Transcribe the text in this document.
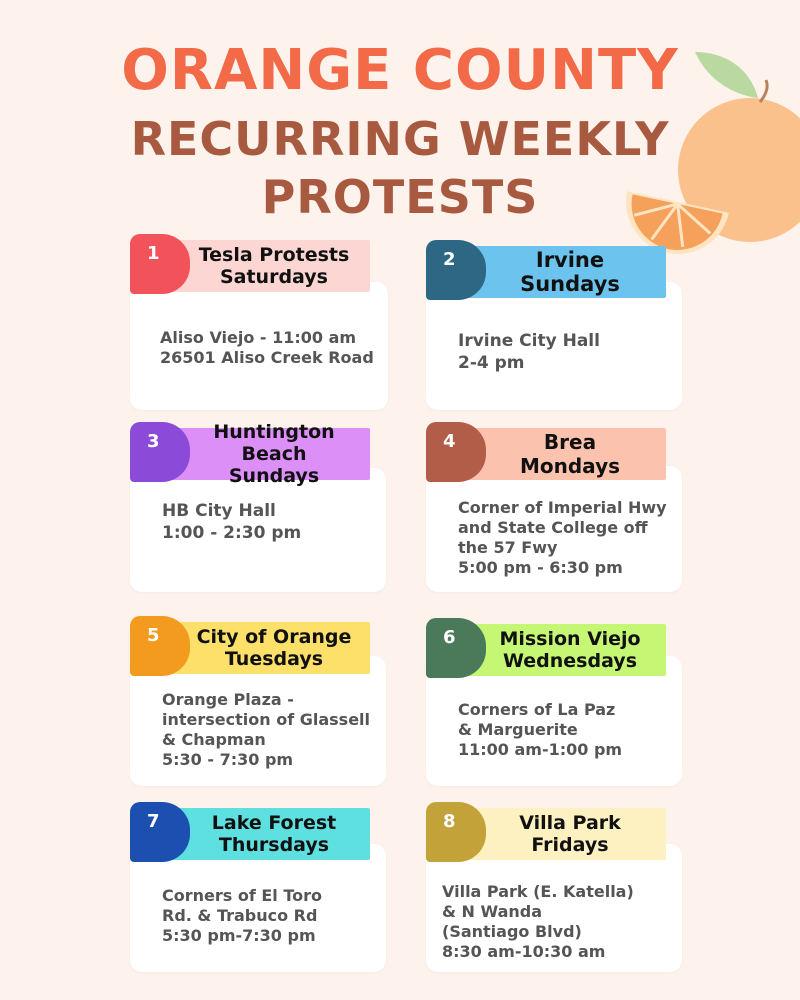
ORANGE COUNTY
RECURRING WEEKLY
PROTESTS
Tesla Protests
Saturdays
1
Aliso Viejo - 11:00 am
26501 Aliso Creek Road
Irvine
Sundays
2
Irvine City Hall
2-4 pm
Huntington Beach
Sundays
3
HB City Hall
1:00 - 2:30 pm
Brea
Mondays
4
Corner of Imperial Hwy
and State College off
the 57 Fwy
5:00 pm - 6:30 pm
City of Orange
Tuesdays
5
Orange Plaza -
intersection of Glassell
& Chapman
5:30 - 7:30 pm
Mission Viejo
Wednesdays
6
Corners of La Paz
& Marguerite
11:00 am-1:00 pm
Lake Forest
Thursdays
7
Corners of El Toro
Rd. & Trabuco Rd
5:30 pm-7:30 pm
Villa Park
Fridays
8
Villa Park (E. Katella)
& N Wanda
(Santiago Blvd)
8:30 am-10:30 am
